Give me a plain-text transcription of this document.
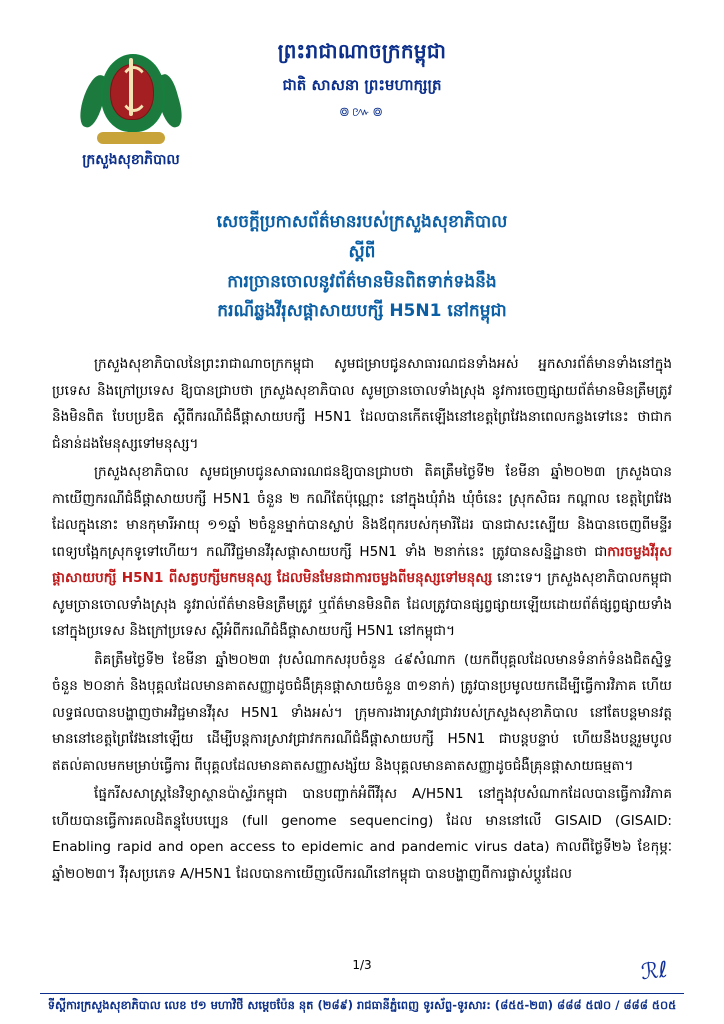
ក្រសួងសុខាភិបាល
ព្រះរាជាណាចក្រកម្ពុជា
ជាតិ សាសនា ព្រះមហាក្សត្រ
៙៚៙
សេចក្តីប្រកាសព័ត៌មានរបស់ក្រសួងសុខាភិបាល
ស្តីពី
ការច្រានចោលនូវព័ត៌មានមិនពិតទាក់ទងនឹង
ករណីឆ្លងវីរុសផ្តាសាយបក្សី H5N1 នៅកម្ពុជា

ក្រសួងសុខាភិបាលនៃព្រះរាជាណាចក្រកម្ពុជា សូមជម្រាបជូនសាធារណជនទាំងអស់ អ្នកសារព័ត៌មានទាំងនៅក្នុងប្រទេស និងក្រៅប្រទេស ឱ្យបានជ្រាបថា ក្រសួងសុខាភិបាល សូមច្រានចោលទាំងស្រុង នូវការចេញផ្សាយព័ត៌មានមិនត្រឹមត្រូវ និងមិនពិត បែបប្រឌិត ស្តីពីករណីជំងឺផ្តាសាយបក្សី H5N1 ដែលបានកើតឡើងនៅខេត្តព្រៃវែងនាពេលកន្លងទៅនេះ ថាជាកជំនាន់ដងមែនុស្សទៅមនុស្ស។

ក្រសួងសុខាភិបាល សូមជម្រាបជូនសាធារណជនឱ្យបានជ្រាបថា តិគត្រឹមថ្ងៃទី២ ខែមីនា ឆ្នាំ២០២៣ ក្រសួងបានកាយើញករណីជំងឺផ្តាសាយបក្សី H5N1 ចំនួន ២ កណីតែប៉ុណ្ណោះ នៅក្នុងឃុំរាំង ឃុំចំនេះ ស្រុកសិធរ កណ្តាល ខេត្តព្រៃវែង ដែលក្នុងនោះ មានកុមារីអាយុ ១១ឆ្នាំ ២ចំនួនម្នាក់បានស្លាប់ និងឪពុករបស់កុមារីដែរ បានជាសះស្បើយ និងបានចេញពីមន្ទីរពេទ្យបង្អែកស្រុកទូទៅហើយ។ កណីវិជ្ជមានវីរុសផ្តាសាយបក្សី H5N1 ទាំង ២នាក់នេះ ត្រូវបានសន្និដ្ឋានថា ជាការចម្លងវីរុសផ្តាសាយបក្សី H5N1 ពីសត្វបក្សីមកមនុស្ស ដែលមិនមែនជាការចម្លងពីមនុស្សទៅមនុស្ស នោះទេ។ ក្រសួងសុខាភិបាលកម្ពុជា សូមច្រានចោលទាំងស្រុង នូវរាល់ព័ត៌មានមិនត្រឹមត្រូវ ឬព័ត៌មានមិនពិត ដែលត្រូវបានផ្សព្វផ្សាយឡើយដោយព័ត៌ផ្សព្វផ្សាយទាំងនៅក្នុងប្រទេស និងក្រៅប្រទេស ស្តីអំពីករណីជំងឺផ្តាសាយបក្សី H5N1 នៅកម្ពុជា។

តិគត្រឹមថ្ងៃទី២ ខែមីនា ឆ្នាំ២០២៣ វុបសំណាកសរុបចំនួន ៤៩សំណាក (យកពីបុគ្គលដែលមានទំនាក់ទំនងជិតស្និទ្ធចំនួន ២០នាក់ និងបុគ្គលដែលមានគាតសញ្ញាដូចជំងឺគ្រុនផ្តាសាយចំនួន ៣១នាក់) ត្រូវបានប្រមូលយកដើម្បីធ្វើការវិភាគ ហើយលទ្ធផលបានបង្ហាញថាអវិជ្ជមានវីរុស H5N1 ទាំងអស់។ ក្រុមការងារស្រាវជ្រាវរបស់ក្រសួងសុខាភិបាល នៅតែបន្តមានវត្តមាននៅខេត្តព្រៃវែងនៅឡើយ ដើម្បីបន្តការស្រាវជ្រាវកករណីជំងឺផ្តាសាយបក្សី H5N1 ជាបន្តបន្ទាប់ ហើយនឹងបន្តរួមបូលឥតល់គាលមកមម្រាប់ធ្វើការ ពីបុគ្គលដែលមានគាតសញ្ញាសង្ស័យ និងបុគ្គលមានគាតសញ្ញាដូចជំងឺគ្រុនផ្តាសាយធម្មតា។

ផ្នែករីសសាស្ត្រនៃវិទ្យាស្ថានប៉ាស្ទ័រកម្ពុជា បានបញ្ជាក់អំពីវីរុស A/H5N1 នៅក្នុងវុបសំណាកដែលបានធ្វើការវិភាគ ហើយបានធ្វើការគលដិតន្ទុបែបប្បេន (full genome sequencing) ដែល មាននៅលើ GISAID (GISAID: Enabling rapid and open access to epidemic and pandemic virus data) កាលពីថ្ងៃទី២៦ ខែកុម្ភៈ ឆ្នាំ២០២៣។ វីរុសប្រភេទ A/H5N1 ដែលបានកាយើញលើករណីនៅកម្ពុជា បានបង្ហាញពីការផ្លាស់ប្តូរដែល

ℛℓ
1/3
ទីស្តីការក្រសួងសុខាភិបាល លេខ ឋ១ មហាវិថី សម្តេចប៉ែន នុត (២៨៩) រាជធានីភ្នំពេញ ទូរស័ព្ទ-ទូរសារ: (៨៥៥-២៣) ៨៨៨ ៥៧០ / ៨៨៨ ៥០៥
